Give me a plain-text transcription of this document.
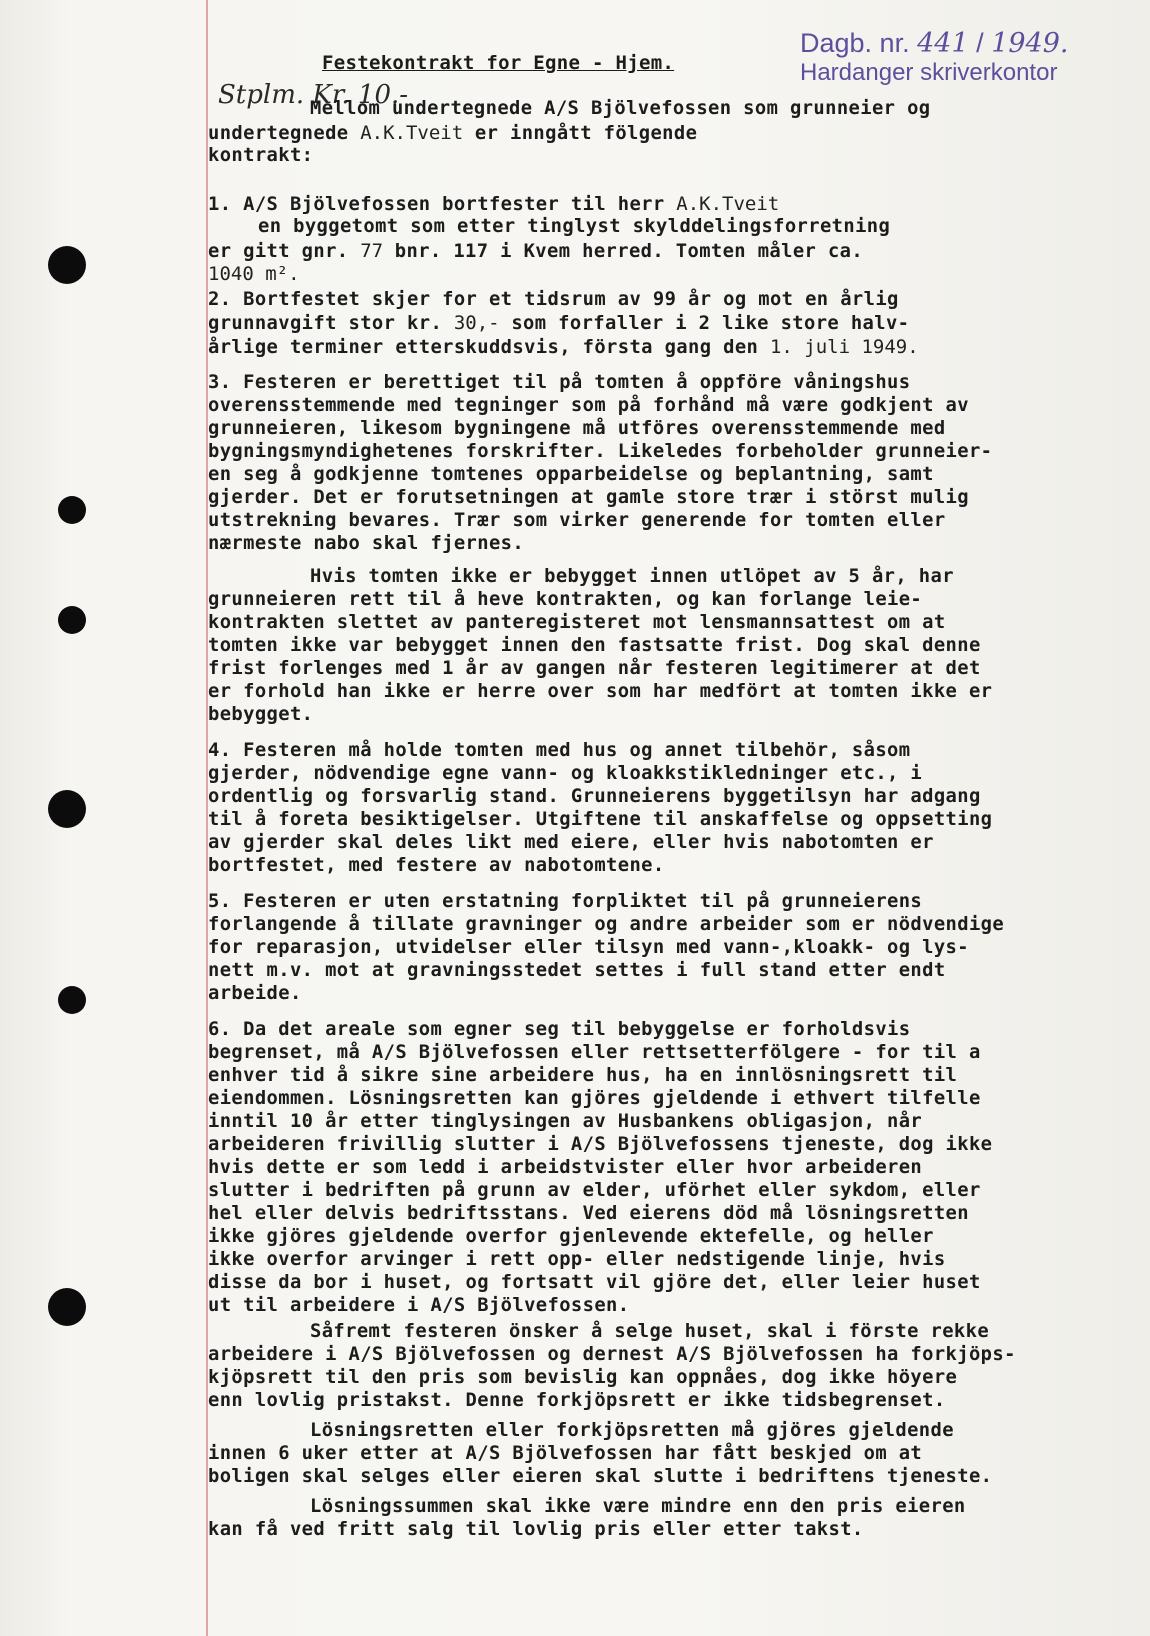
Festekontrakt for Egne - Hjem.
Dagb. nr. 441 / 1949.
Hardanger skriverkontor
Stplm. Kr. 10.-
Mellom undertegnede A/S Bjölvefossen som grunneier og
undertegnede A.K.Tveit er inngått fölgende
kontrakt:
1. A/S Bjölvefossen bortfester til herr A.K.Tveit
en byggetomt som etter tinglyst skylddelingsforretning
er gitt gnr. 77 bnr. 117 i Kvem herred. Tomten måler ca.
1040 m².
2. Bortfestet skjer for et tidsrum av 99 år og mot en årlig
grunnavgift stor kr. 30,- som forfaller i 2 like store halv-
årlige terminer etterskuddsvis, första gang den 1. juli 1949.
3. Festeren er berettiget til på tomten å oppföre våningshus
overensstemmende med tegninger som på forhånd må være godkjent av
grunneieren, likesom bygningene må utföres overensstemmende med
bygningsmyndighetenes forskrifter. Likeledes forbeholder grunneier-
en seg å godkjenne tomtenes opparbeidelse og beplantning, samt
gjerder. Det er forutsetningen at gamle store trær i störst mulig
utstrekning bevares. Trær som virker generende for tomten eller
nærmeste nabo skal fjernes.
Hvis tomten ikke er bebygget innen utlöpet av 5 år, har
grunneieren rett til å heve kontrakten, og kan forlange leie-
kontrakten slettet av panteregisteret mot lensmannsattest om at
tomten ikke var bebygget innen den fastsatte frist. Dog skal denne
frist forlenges med 1 år av gangen når festeren legitimerer at det
er forhold han ikke er herre over som har medfört at tomten ikke er
bebygget.
4. Festeren må holde tomten med hus og annet tilbehör, såsom
gjerder, nödvendige egne vann- og kloakkstikledninger etc., i
ordentlig og forsvarlig stand. Grunneierens byggetilsyn har adgang
til å foreta besiktigelser. Utgiftene til anskaffelse og oppsetting
av gjerder skal deles likt med eiere, eller hvis nabotomten er
bortfestet, med festere av nabotomtene.
5. Festeren er uten erstatning forpliktet til på grunneierens
forlangende å tillate gravninger og andre arbeider som er nödvendige
for reparasjon, utvidelser eller tilsyn med vann-,kloakk- og lys-
nett m.v. mot at gravningsstedet settes i full stand etter endt
arbeide.
6. Da det areale som egner seg til bebyggelse er forholdsvis
begrenset, må A/S Bjölvefossen eller rettsetterfölgere - for til a
enhver tid å sikre sine arbeidere hus, ha en innlösningsrett til
eiendommen. Lösningsretten kan gjöres gjeldende i ethvert tilfelle
inntil 10 år etter tinglysingen av Husbankens obligasjon, når
arbeideren frivillig slutter i A/S Bjölvefossens tjeneste, dog ikke
hvis dette er som ledd i arbeidstvister eller hvor arbeideren
slutter i bedriften på grunn av elder, uförhet eller sykdom, eller
hel eller delvis bedriftsstans. Ved eierens död må lösningsretten
ikke gjöres gjeldende overfor gjenlevende ektefelle, og heller
ikke overfor arvinger i rett opp- eller nedstigende linje, hvis
disse da bor i huset, og fortsatt vil gjöre det, eller leier huset
ut til arbeidere i A/S Bjölvefossen.
Såfremt festeren önsker å selge huset, skal i förste rekke
arbeidere i A/S Bjölvefossen og dernest A/S Bjölvefossen ha forkjöps-
kjöpsrett til den pris som bevislig kan oppnåes, dog ikke höyere
enn lovlig pristakst. Denne forkjöpsrett er ikke tidsbegrenset.
Lösningsretten eller forkjöpsretten må gjöres gjeldende
innen 6 uker etter at A/S Bjölvefossen har fått beskjed om at
boligen skal selges eller eieren skal slutte i bedriftens tjeneste.
Lösningssummen skal ikke være mindre enn den pris eieren
kan få ved fritt salg til lovlig pris eller etter takst.
